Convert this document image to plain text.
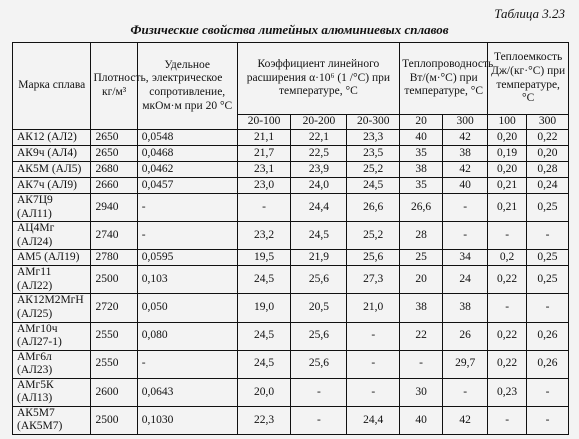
Таблица 3.23
Физические свойства литейных алюминиевых сплавов
Марка сплава	Плотность, кг/м³	Удельное электрическое сопротивление, мкОм·м при 20 °С	Коэффициент линейного расширения α·10⁶ (1 /°С) при температуре, °С			Теплопроводность Вт/(м·°С) при температуре, °С		Теплоемкость Дж/(кг·°С) при температуре, °С	
			20-100	20-200	20-300	20	300	100	300
АК12 (АЛ2)	2650	0,0548	21,1	22,1	23,3	40	42	0,20	0,22
АК9ч (АЛ4)	2650	0,0468	21,7	22,5	23,5	35	38	0,19	0,20
АК5М (АЛ5)	2680	0,0462	23,1	23,9	25,2	38	42	0,20	0,28
АК7ч (АЛ9)	2660	0,0457	23,0	24,0	24,5	35	40	0,21	0,24
АК7Ц9 (АЛ11)	2940	-	-	24,4	26,6	26,6	-	0,21	0,25
АЦ4Мг (АЛ24)	2740	-	23,2	24,5	25,2	28	-	-	-
АМ5 (АЛ19)	2780	0,0595	19,5	21,9	25,6	25	34	0,2	0,25
АМг11 (АЛ22)	2500	0,103	24,5	25,6	27,3	20	24	0,22	0,25
АК12М2МгН (АЛ25)	2720	0,050	19,0	20,5	21,0	38	38	-	-
АМг10ч (АЛ27-1)	2550	0,080	24,5	25,6	-	22	26	0,22	0,26
АМг6л (АЛ23)	2550	-	24,5	25,6	-	-	29,7	0,22	0,26
АМг5К (АЛ13)	2600	0,0643	20,0	-	-	30	-	0,23	-
АК5М7 (АК5М7)	2500	0,1030	22,3	-	24,4	40	42	-	-
